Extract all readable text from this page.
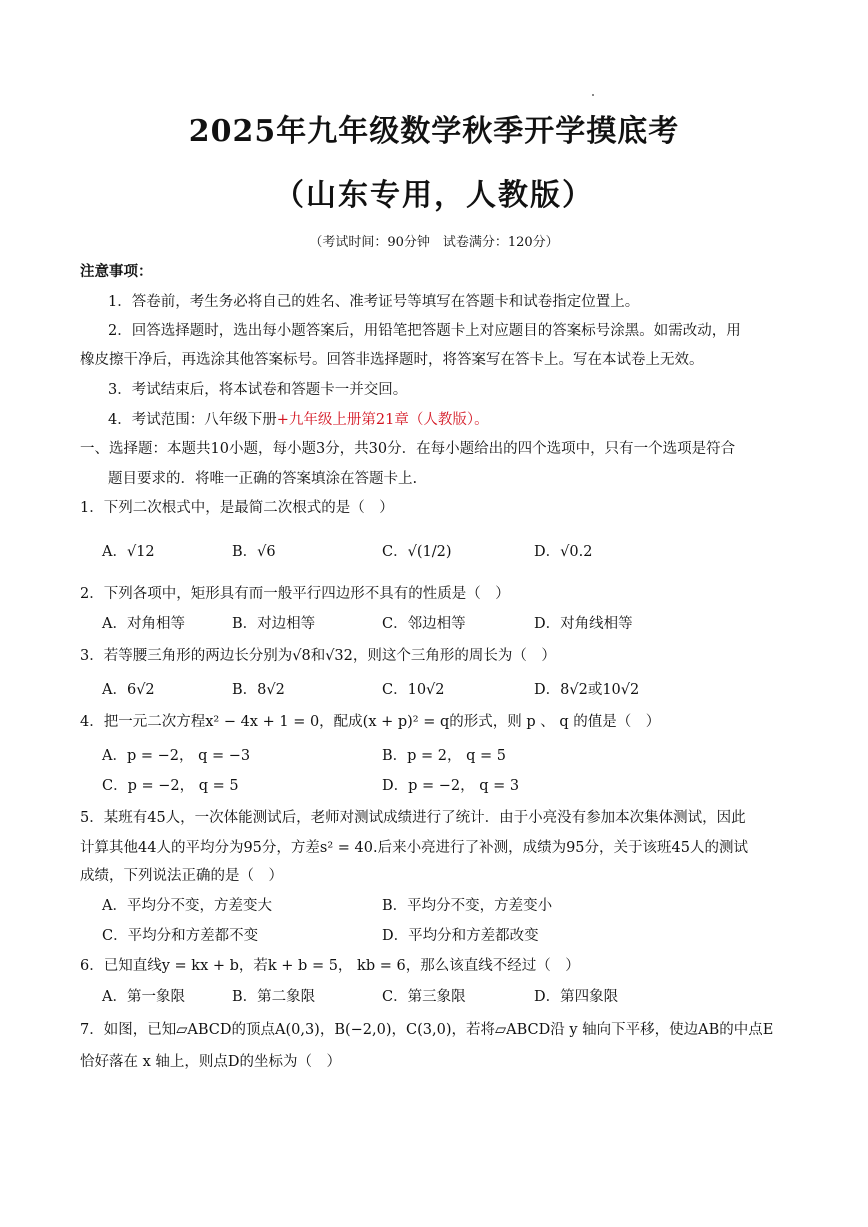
2025年九年级数学秋季开学摸底考
（山东专用，人教版）
（考试时间：90分钟　试卷满分：120分）
注意事项：
1．答卷前，考生务必将自己的姓名、准考证号等填写在答题卡和试卷指定位置上。
2．回答选择题时，选出每小题答案后，用铅笔把答题卡上对应题目的答案标号涂黑。如需改动，用
橡皮擦干净后，再选涂其他答案标号。回答非选择题时，将答案写在答卡上。写在本试卷上无效。
3．考试结束后，将本试卷和答题卡一并交回。
4．考试范围：八年级下册+九年级上册第21章（人教版）。
一、选择题：本题共10小题，每小题3分，共30分．在每小题给出的四个选项中，只有一个选项是符合
题目要求的．将唯一正确的答案填涂在答题卡上.
1．下列二次根式中，是最简二次根式的是（　）
A．√12	B．√6	C．√(1/2)	D．√0.2
2．下列各项中，矩形具有而一般平行四边形不具有的性质是（　）
A．对角相等	B．对边相等	C．邻边相等	D．对角线相等
3．若等腰三角形的两边长分别为√8和√32，则这个三角形的周长为（　）
A．6√2	B．8√2	C．10√2	D．8√2或10√2
4．把一元二次方程x² − 4x + 1 = 0，配成(x + p)² = q的形式，则 p 、 q 的值是（　）
A．p = −2， q = −3	B．p = 2， q = 5
C．p = −2， q = 5	D．p = −2， q = 3
5．某班有45人，一次体能测试后，老师对测试成绩进行了统计．由于小亮没有参加本次集体测试，因此
计算其他44人的平均分为95分，方差s² = 40.后来小亮进行了补测，成绩为95分，关于该班45人的测试
成绩，下列说法正确的是（　）
A．平均分不变，方差变大	B．平均分不变，方差变小
C．平均分和方差都不变	D．平均分和方差都改变
6．已知直线y = kx + b，若k + b = 5， kb = 6，那么该直线不经过（　）
A．第一象限	B．第二象限	C．第三象限	D．第四象限
7．如图，已知▱ABCD的顶点A(0,3)，B(−2,0)，C(3,0)，若将▱ABCD沿 y 轴向下平移，使边AB的中点E
恰好落在 x 轴上，则点D的坐标为（　）
